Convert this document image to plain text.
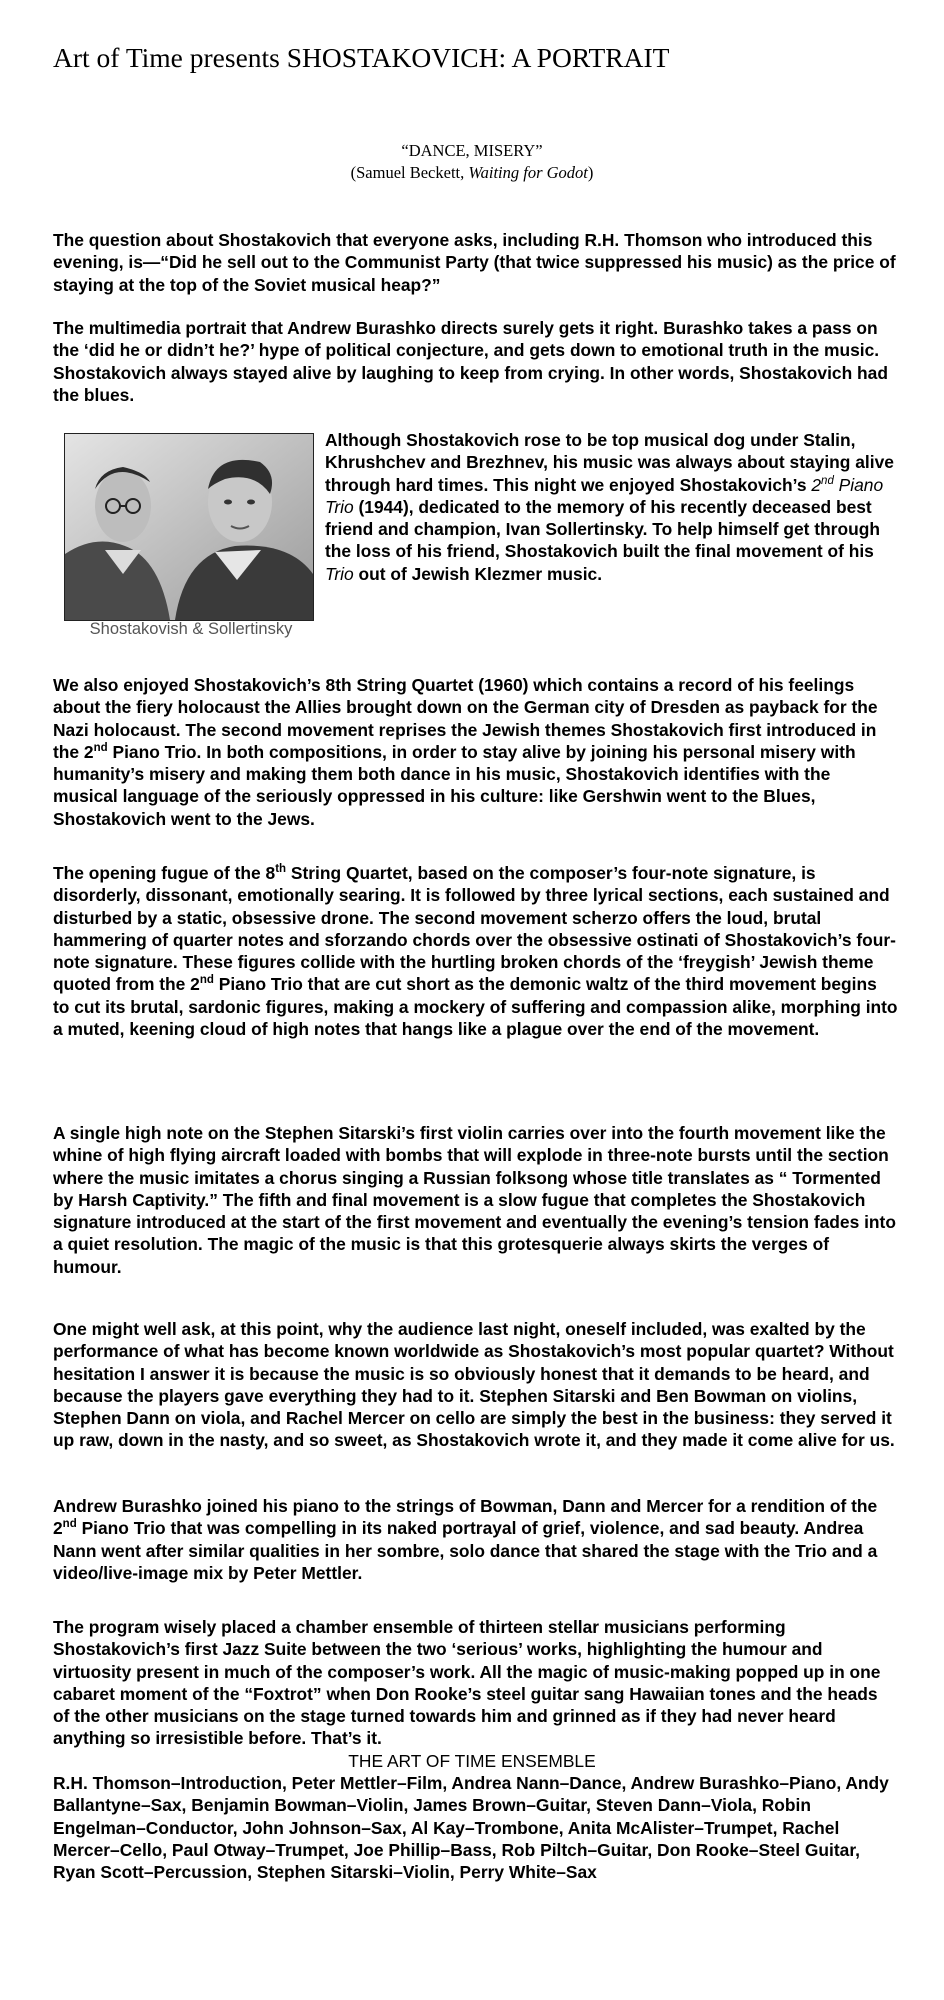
Art of Time presents SHOSTAKOVICH: A PORTRAIT
“DANCE, MISERY”
(Samuel Beckett, Waiting for Godot)
The question about Shostakovich that everyone asks, including R.H. Thomson who introduced this evening, is—“Did he sell out to the Communist Party (that twice suppressed his music) as the price of staying at the top of the Soviet musical heap?”
The multimedia portrait that Andrew Burashko directs surely gets it right. Burashko takes a pass on the ‘did he or didn’t he?’ hype of political conjecture, and gets down to emotional truth in the music. Shostakovich always stayed alive by laughing to keep from crying. In other words, Shostakovich had the blues.
Shostakovish & Sollertinsky
Although Shostakovich rose to be top musical dog under Stalin, Khrushchev and Brezhnev, his music was always about staying alive through hard times. This night we enjoyed Shostakovich’s 2nd Piano Trio (1944), dedicated to the memory of his recently deceased best friend and champion, Ivan Sollertinsky. To help himself get through the loss of his friend, Shostakovich built the final movement of his Trio out of Jewish Klezmer music.
We also enjoyed Shostakovich’s 8th String Quartet (1960) which contains a record of his feelings about the fiery holocaust the Allies brought down on the German city of Dresden as payback for the Nazi holocaust. The second movement reprises the Jewish themes Shostakovich first introduced in the 2nd Piano Trio. In both compositions, in order to stay alive by joining his personal misery with humanity’s misery and making them both dance in his music, Shostakovich identifies with the musical language of the seriously oppressed in his culture: like Gershwin went to the Blues, Shostakovich went to the Jews.
The opening fugue of the 8th String Quartet, based on the composer’s four-note signature, is disorderly, dissonant, emotionally searing. It is followed by three lyrical sections, each sustained and disturbed by a static, obsessive drone. The second movement scherzo offers the loud, brutal hammering of quarter notes and sforzando chords over the obsessive ostinati of Shostakovich’s four-note signature. These figures collide with the hurtling broken chords of the ‘freygish’ Jewish theme quoted from the 2nd Piano Trio that are cut short as the demonic waltz of the third movement begins to cut its brutal, sardonic figures, making a mockery of suffering and compassion alike, morphing into a muted, keening cloud of high notes that hangs like a plague over the end of the movement.
A single high note on the Stephen Sitarski’s first violin carries over into the fourth movement like the whine of high flying aircraft loaded with bombs that will explode in three-note bursts until the section where the music imitates a chorus singing a Russian folksong whose title translates as “ Tormented by Harsh Captivity.” The fifth and final movement is a slow fugue that completes the Shostakovich signature introduced at the start of the first movement and eventually the evening’s tension fades into a quiet resolution. The magic of the music is that this grotesquerie always skirts the verges of humour.
One might well ask, at this point, why the audience last night, oneself included, was exalted by the performance of what has become known worldwide as Shostakovich’s most popular quartet? Without hesitation I answer it is because the music is so obviously honest that it demands to be heard, and because the players gave everything they had to it. Stephen Sitarski and Ben Bowman on violins, Stephen Dann on viola, and Rachel Mercer on cello are simply the best in the business: they served it up raw, down in the nasty, and so sweet, as Shostakovich wrote it, and they made it come alive for us.
Andrew Burashko joined his piano to the strings of Bowman, Dann and Mercer for a rendition of the 2nd Piano Trio that was compelling in its naked portrayal of grief, violence, and sad beauty. Andrea Nann went after similar qualities in her sombre, solo dance that shared the stage with the Trio and a video/live-image mix by Peter Mettler.
The program wisely placed a chamber ensemble of thirteen stellar musicians performing Shostakovich’s first Jazz Suite between the two ‘serious’ works, highlighting the humour and virtuosity present in much of the composer’s work. All the magic of music-making popped up in one cabaret moment of the “Foxtrot” when Don Rooke’s steel guitar sang Hawaiian tones and the heads of the other musicians on the stage turned towards him and grinned as if they had never heard anything so irresistible before. That’s it.
THE ART OF TIME ENSEMBLE
R.H. Thomson–Introduction, Peter Mettler–Film, Andrea Nann–Dance, Andrew Burashko–Piano, Andy Ballantyne–Sax, Benjamin Bowman–Violin, James Brown–Guitar, Steven Dann–Viola, Robin Engelman–Conductor, John Johnson–Sax, Al Kay–Trombone, Anita McAlister–Trumpet, Rachel Mercer–Cello, Paul Otway–Trumpet, Joe Phillip–Bass, Rob Piltch–Guitar, Don Rooke–Steel Guitar, Ryan Scott–Percussion, Stephen Sitarski–Violin, Perry White–Sax
